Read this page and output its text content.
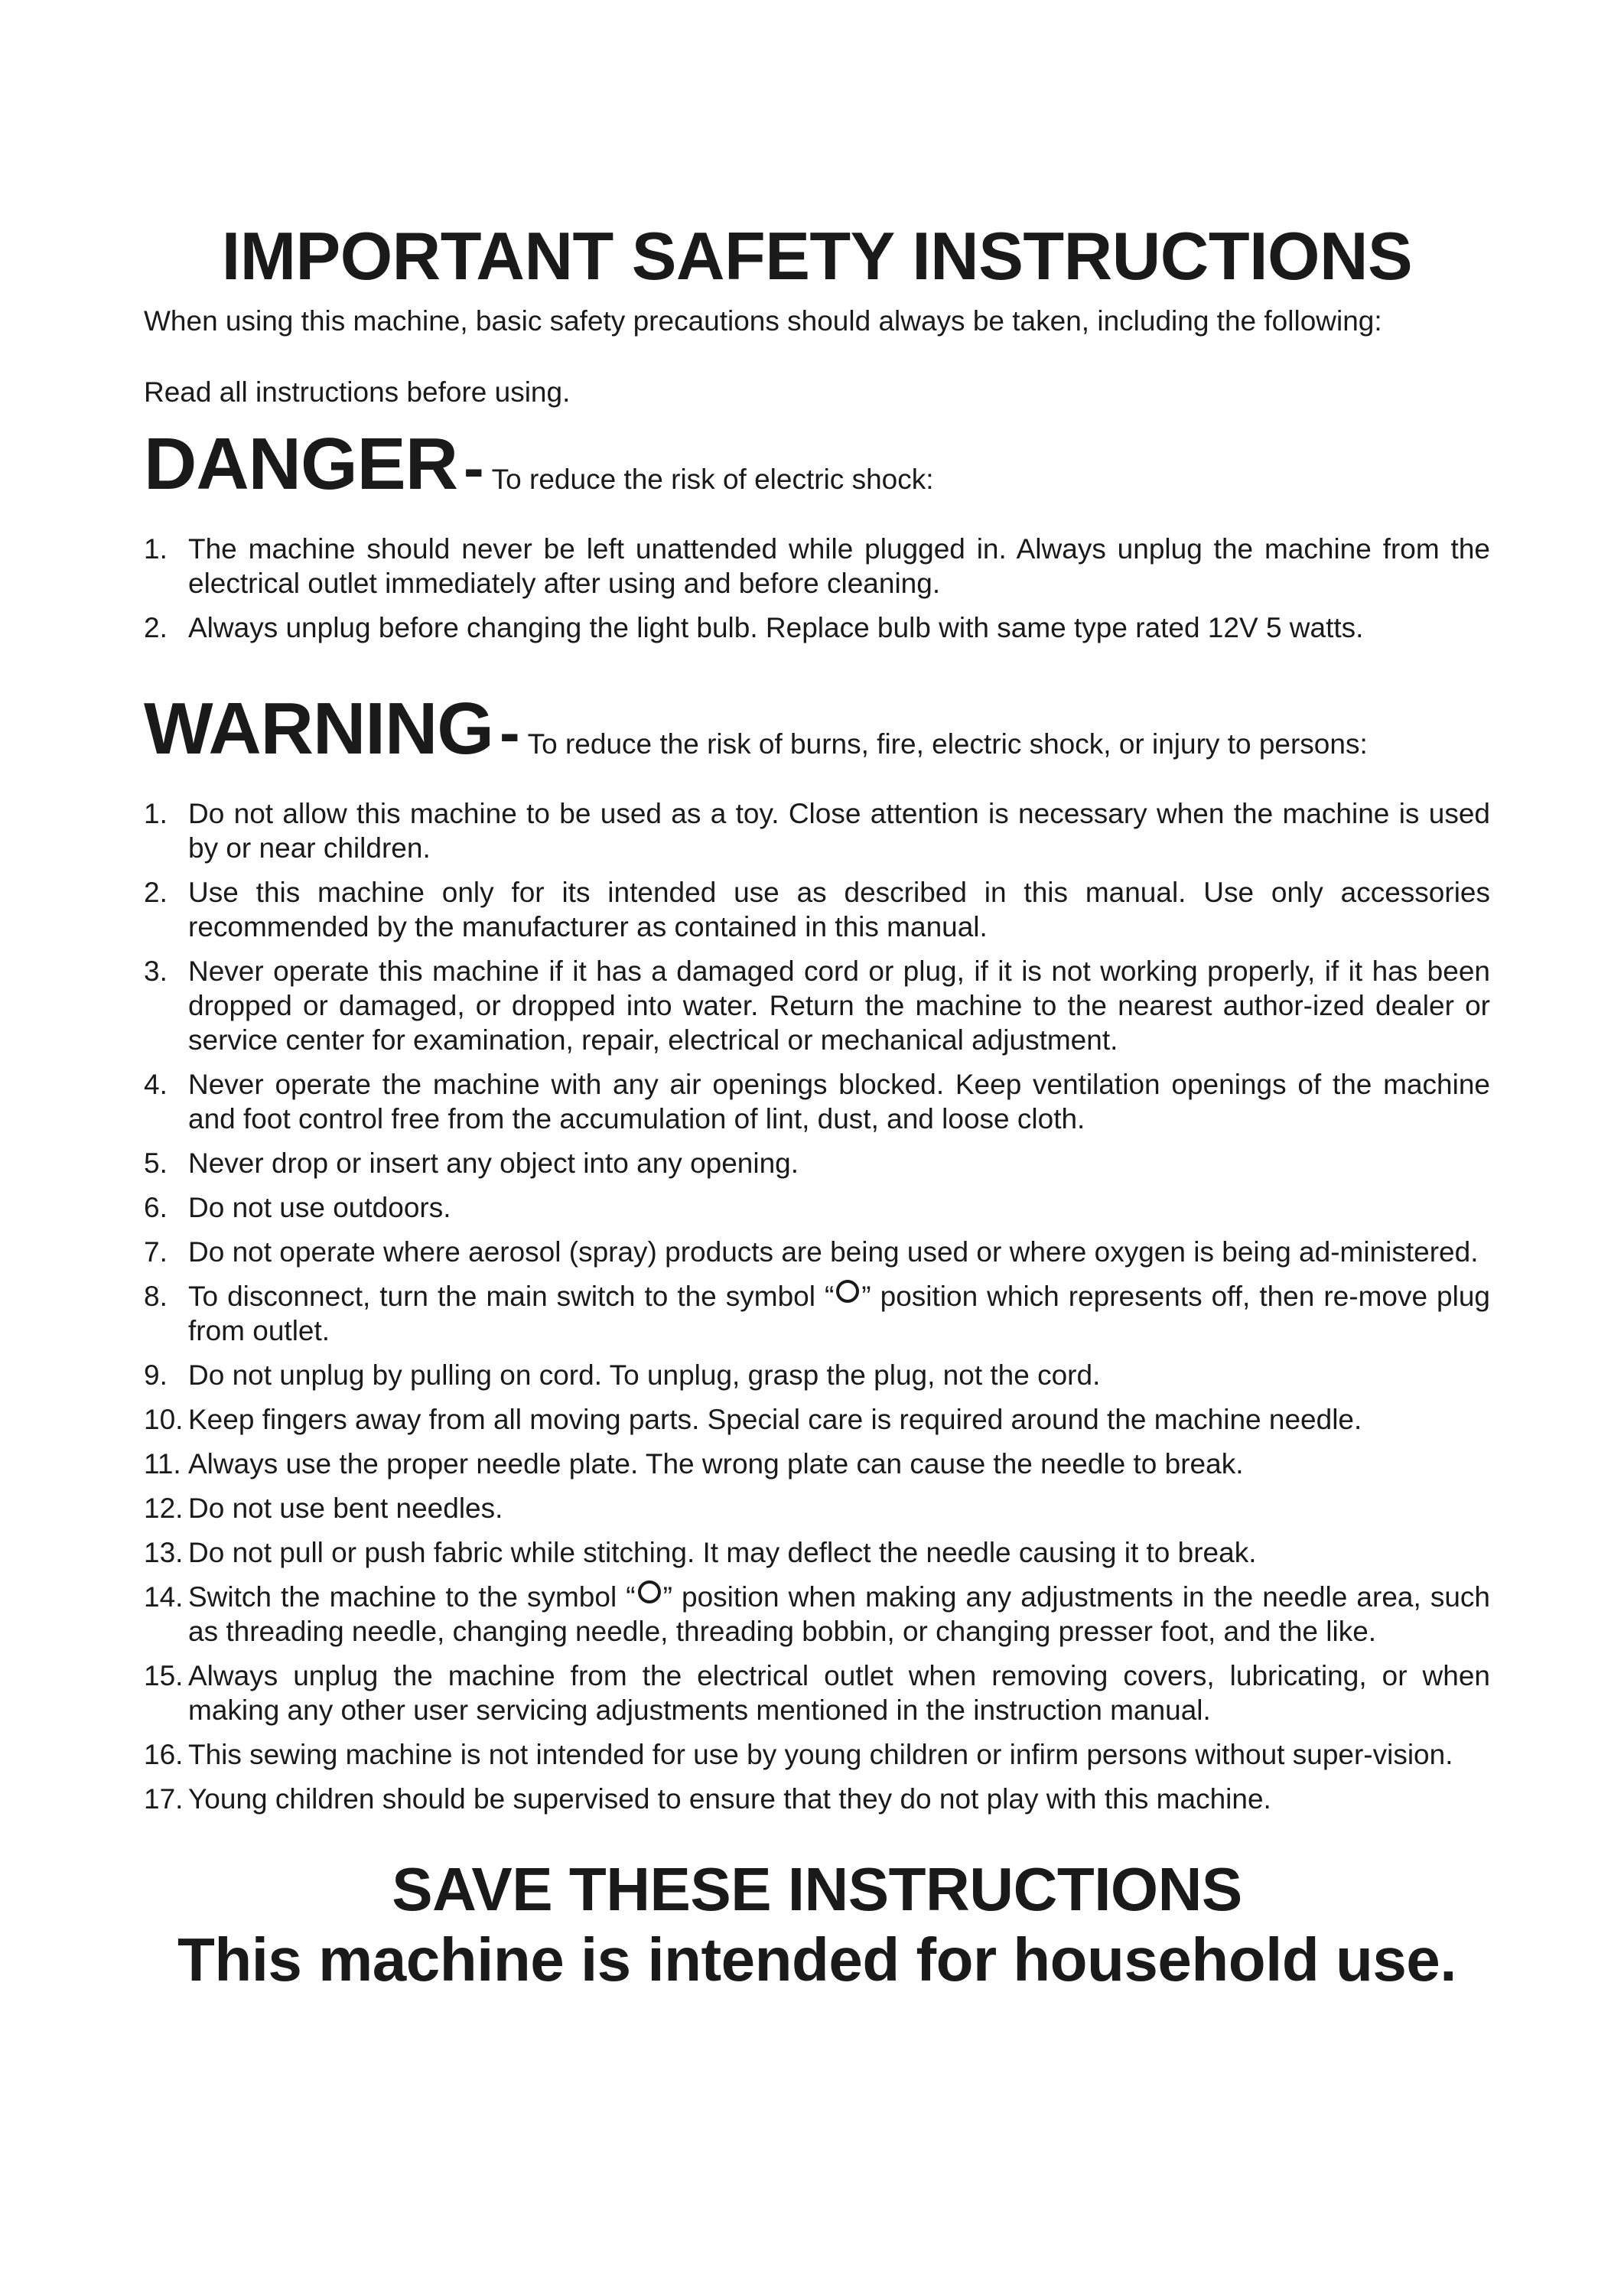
IMPORTANT SAFETY INSTRUCTIONS

When using this machine, basic safety precautions should always be taken, including the following:

Read all instructions before using.

DANGER - To reduce the risk of electric shock:
1. The machine should never be left unattended while plugged in. Always unplug the machine from the electrical outlet immediately after using and before cleaning.
2. Always unplug before changing the light bulb. Replace bulb with same type rated 12V 5 watts.
WARNING - To reduce the risk of burns, fire, electric shock, or injury to persons:
1. Do not allow this machine to be used as a toy. Close attention is necessary when the machine is used by or near children.
2. Use this machine only for its intended use as described in this manual. Use only accessories recommended by the manufacturer as contained in this manual.
3. Never operate this machine if it has a damaged cord or plug, if it is not working properly, if it has been dropped or damaged, or dropped into water. Return the machine to the nearest author-ized dealer or service center for examination, repair, electrical or mechanical adjustment.
4. Never operate the machine with any air openings blocked. Keep ventilation openings of the machine and foot control free from the accumulation of lint, dust, and loose cloth.
5. Never drop or insert any object into any opening.
6. Do not use outdoors.
7. Do not operate where aerosol (spray) products are being used or where oxygen is being ad-ministered.
8. To disconnect, turn the main switch to the symbol “ ” position which represents off, then re-move plug from outlet.
9. Do not unplug by pulling on cord. To unplug, grasp the plug, not the cord.
10. Keep fingers away from all moving parts. Special care is required around the machine needle.
11. Always use the proper needle plate. The wrong plate can cause the needle to break.
12. Do not use bent needles.
13. Do not pull or push fabric while stitching. It may deflect the needle causing it to break.
14. Switch the machine to the symbol “ ” position when making any adjustments in the needle area, such as threading needle, changing needle, threading bobbin, or changing presser foot, and the like.
15. Always unplug the machine from the electrical outlet when removing covers, lubricating, or when making any other user servicing adjustments mentioned in the instruction manual.
16. This sewing machine is not intended for use by young children or infirm persons without super-vision.
17. Young children should be supervised to ensure that they do not play with this machine.
SAVE THESE INSTRUCTIONS
This machine is intended for household use.
